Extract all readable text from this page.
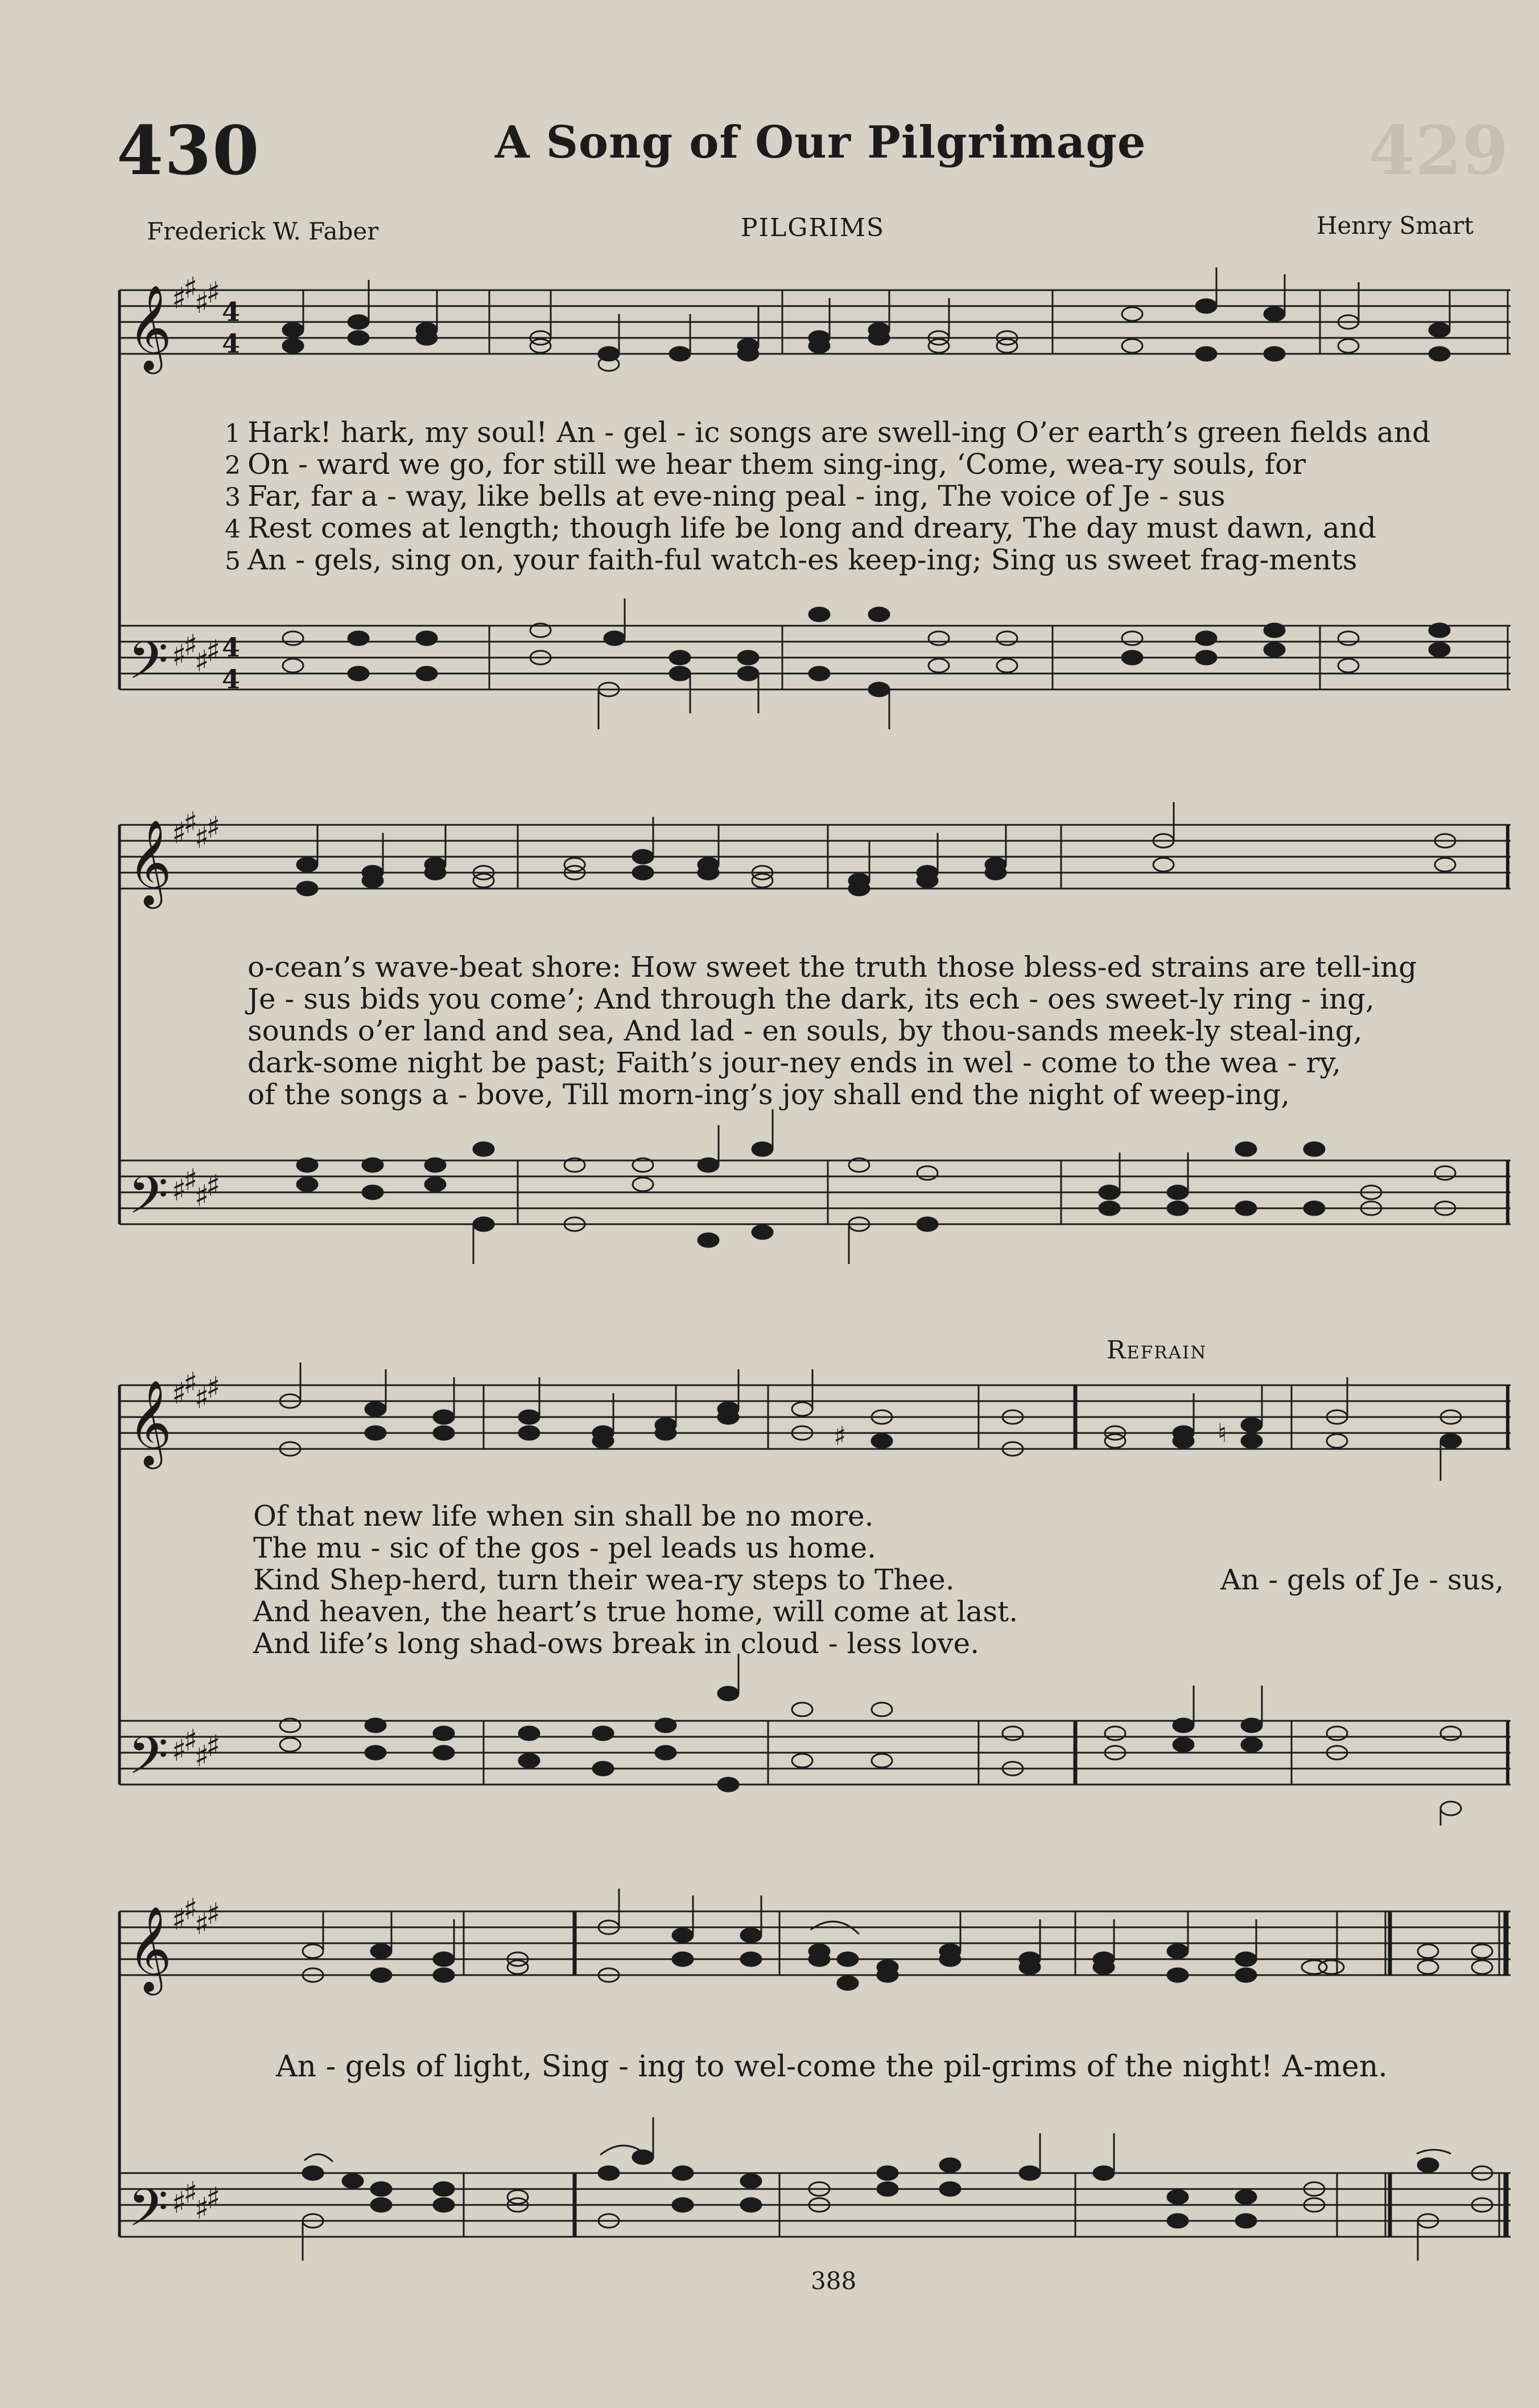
430	429
A Song of Our Pilgrimage
Frederick W. Faber	PILGRIMS	Henry Smart
𝄞
𝄢
♯
♯
♯
♯
♯
♯
♯
♯
4
4
4
4
1 Hark! hark, my soul! An - gel - ic songs are swell-ing O’er earth’s green fields and
2 On - ward we go, for still we hear them sing-ing, ‘Come, wea-ry souls, for
3 Far, far a - way, like bells at eve-ning peal - ing, The voice of Je - sus
4 Rest comes at length; though life be long and dreary, The day must dawn, and
5 An - gels, sing on, your faith-ful watch-es keep-ing; Sing us sweet frag-ments
𝄞
𝄢
♯
♯
♯
♯
♯
♯
♯
♯
o-cean’s wave-beat shore: How sweet the truth those bless-ed strains are tell-ing
Je - sus bids you come’; And through the dark, its ech - oes sweet-ly ring - ing,
sounds o’er land and sea, And lad - en souls, by thou-sands meek-ly steal-ing,
dark-some night be past; Faith’s jour-ney ends in wel - come to the wea - ry,
of the songs a - bove, Till morn-ing’s joy shall end the night of weep-ing,
Refrain
𝄞
𝄢
♯
♯
♯
♯
♯
♯
♯
♯
♮
♯
Of that new life when sin shall be no more.
The mu - sic of the gos - pel leads us home.
Kind Shep-herd, turn their wea-ry steps to Thee.
And heaven, the heart’s true home, will come at last.
And life’s long shad-ows break in cloud - less love.
An - gels of Je - sus,
𝄞
𝄢
♯
♯
♯
♯
♯
♯
♯
♯
An - gels of light, Sing - ing to wel-come the pil-grims of the night! A-men.
388
